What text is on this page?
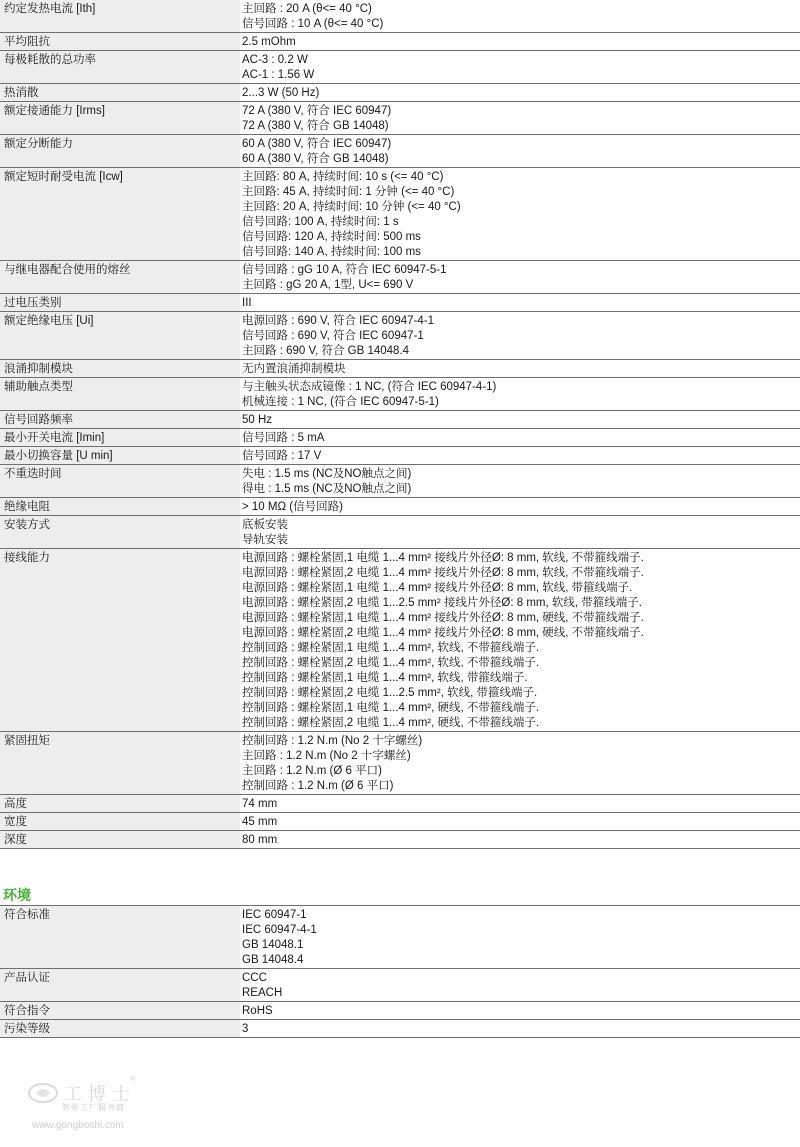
约定发热电流 [Ith]	主回路 : 20 A (θ<= 40 °C)
信号回路 : 10 A (θ<= 40 °C)
平均阻抗	2.5 mOhm
每极耗散的总功率	AC-3 : 0.2 W
AC-1 : 1.56 W
热消散	2...3 W (50 Hz)
额定接通能力 [Irms]	72 A (380 V, 符合 IEC 60947)
72 A (380 V, 符合 GB 14048)
额定分断能力	60 A (380 V, 符合 IEC 60947)
60 A (380 V, 符合 GB 14048)
额定短时耐受电流 [Icw]	主回路: 80 A, 持续时间: 10 s (<= 40 °C)
主回路: 45 A, 持续时间: 1 分钟 (<= 40 °C)
主回路: 20 A, 持续时间: 10 分钟 (<= 40 °C)
信号回路: 100 A, 持续时间: 1 s
信号回路: 120 A, 持续时间: 500 ms
信号回路: 140 A, 持续时间: 100 ms
与继电器配合使用的熔丝	信号回路 : gG 10 A, 符合 IEC 60947-5-1
主回路 : gG 20 A, 1型, U<= 690 V
过电压类别	III
额定绝缘电压 [Ui]	电源回路 : 690 V, 符合 IEC 60947-4-1
信号回路 : 690 V, 符合 IEC 60947-1
主回路 : 690 V, 符合 GB 14048.4
浪涌抑制模块	无内置浪涌抑制模块
辅助触点类型	与主触头状态成镜像 : 1 NC, (符合 IEC 60947-4-1)
机械连接 : 1 NC, (符合 IEC 60947-5-1)
信号回路频率	50 Hz
最小开关电流 [Imin]	信号回路 : 5 mA
最小切换容量 [U min]	信号回路 : 17 V
不重迭时间	失电 : 1.5 ms (NC及NO触点之间)
得电 : 1.5 ms (NC及NO触点之间)
绝缘电阻	> 10 MΩ (信号回路)
安装方式	底板安装
导轨安装
接线能力	电源回路 : 螺栓紧固,1 电缆 1...4 mm² 接线片外径Ø: 8 mm, 软线, 不带箍线端子.
电源回路 : 螺栓紧固,2 电缆 1...4 mm² 接线片外径Ø: 8 mm, 软线, 不带箍线端子.
电源回路 : 螺栓紧固,1 电缆 1...4 mm² 接线片外径Ø: 8 mm, 软线, 带箍线端子.
电源回路 : 螺栓紧固,2 电缆 1...2.5 mm² 接线片外径Ø: 8 mm, 软线, 带箍线端子.
电源回路 : 螺栓紧固,1 电缆 1...4 mm² 接线片外径Ø: 8 mm, 硬线, 不带箍线端子.
电源回路 : 螺栓紧固,2 电缆 1...4 mm² 接线片外径Ø: 8 mm, 硬线, 不带箍线端子.
控制回路 : 螺栓紧固,1 电缆 1...4 mm², 软线, 不带箍线端子.
控制回路 : 螺栓紧固,2 电缆 1...4 mm², 软线, 不带箍线端子.
控制回路 : 螺栓紧固,1 电缆 1...4 mm², 软线, 带箍线端子.
控制回路 : 螺栓紧固,2 电缆 1...2.5 mm², 软线, 带箍线端子.
控制回路 : 螺栓紧固,1 电缆 1...4 mm², 硬线, 不带箍线端子.
控制回路 : 螺栓紧固,2 电缆 1...4 mm², 硬线, 不带箍线端子.
紧固扭矩	控制回路 : 1.2 N.m (No 2 十字螺丝)
主回路 : 1.2 N.m (No 2 十字螺丝)
主回路 : 1.2 N.m (Ø 6 平口)
控制回路 : 1.2 N.m (Ø 6 平口)
高度	74 mm
宽度	45 mm
深度	80 mm
环境
符合标准	IEC 60947-1
IEC 60947-4-1
GB 14048.1
GB 14048.4
产品认证	CCC
REACH
符合指令	RoHS
污染等级	3
工博士
智能工厂服务商
www.gongboshi.com
®
